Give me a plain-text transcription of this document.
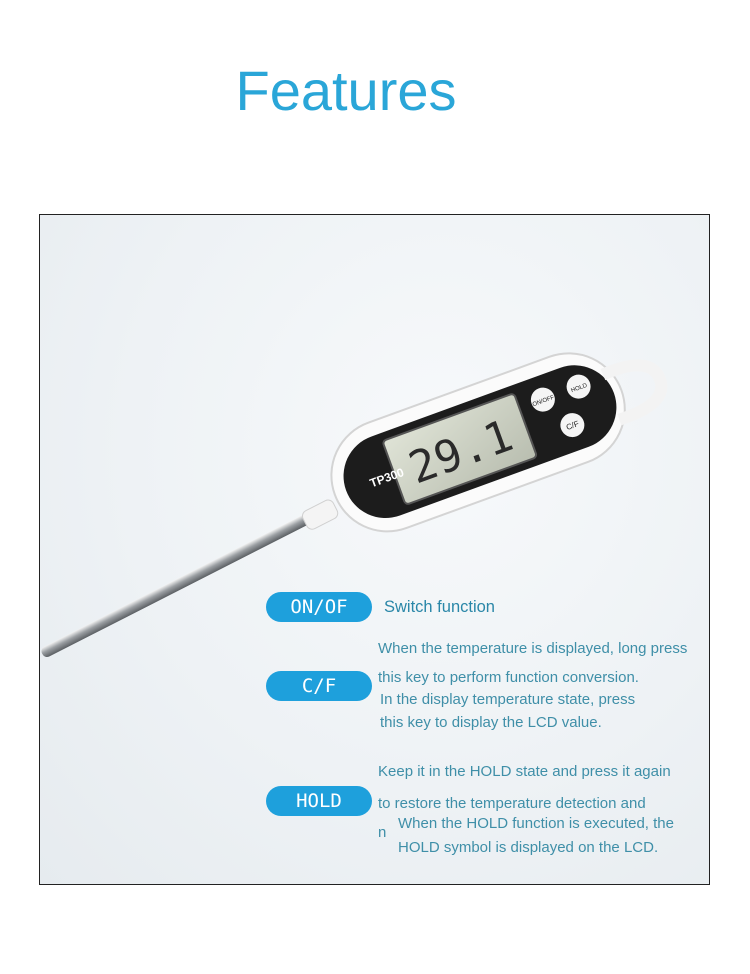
Features
29.1
TP300
ON/OFF
HOLD
C/F
ON/OF	Switch function
C/F
When the temperature is displayed, long press
this key to perform function conversion.
In the display temperature state, press
this key to display the LCD value.
HOLD
Keep it in the HOLD state and press it again
to restore the temperature detection and
n
When the HOLD function is executed, the
HOLD symbol is displayed on the LCD.
